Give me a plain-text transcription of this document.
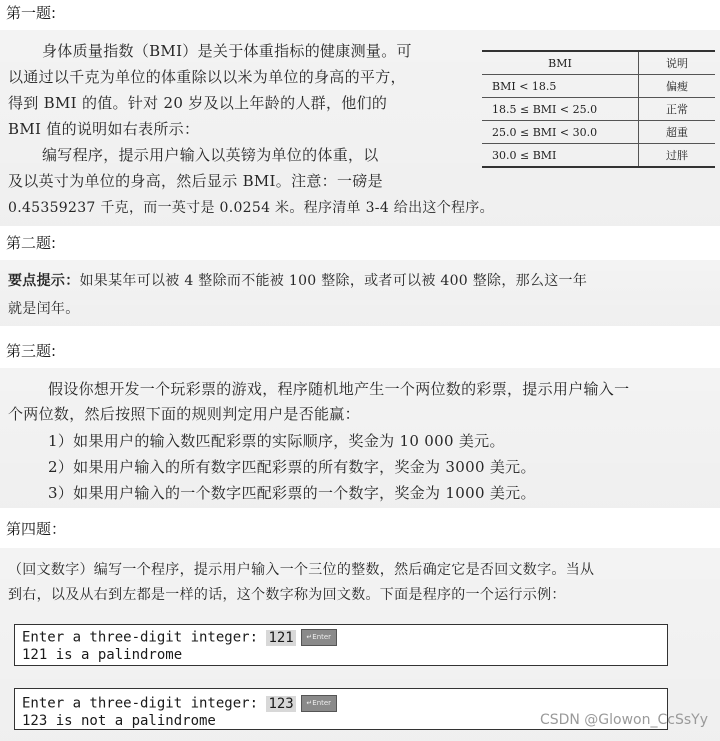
第一题:
身体质量指数（BMI）是关于体重指标的健康测量。可
以通过以千克为单位的体重除以以米为单位的身高的平方，
得到 BMI 的值。针对 20 岁及以上年龄的人群，他们的
BMI 值的说明如右表所示：
编写程序，提示用户输入以英镑为单位的体重，以
及以英寸为单位的身高，然后显示 BMI。注意：一磅是
0.45359237 千克，而一英寸是 0.0254 米。程序清单 3-4 给出这个程序。
BMI	说明
BMI < 18.5	偏瘦
18.5 ≤ BMI < 25.0	正常
25.0 ≤ BMI < 30.0	超重
30.0 ≤ BMI	过胖
第二题:
要点提示：如果某年可以被 4 整除而不能被 100 整除，或者可以被 400 整除，那么这一年
就是闰年。
第三题:
假设你想开发一个玩彩票的游戏，程序随机地产生一个两位数的彩票，提示用户输入一
个两位数，然后按照下面的规则判定用户是否能赢：
1）如果用户的输入数匹配彩票的实际顺序，奖金为 10 000 美元。
2）如果用户输入的所有数字匹配彩票的所有数字，奖金为 3000 美元。
3）如果用户输入的一个数字匹配彩票的一个数字，奖金为 1000 美元。
第四题：
（回文数字）编写一个程序，提示用户输入一个三位的整数，然后确定它是否回文数字。当从
到右，以及从右到左都是一样的话，这个数字称为回文数。下面是程序的一个运行示例：
Enter a three-digit integer: 121 ↵Enter
121 is a palindrome
Enter a three-digit integer: 123 ↵Enter
123 is not a palindrome	CSDN @Glowon_CcSsYy
